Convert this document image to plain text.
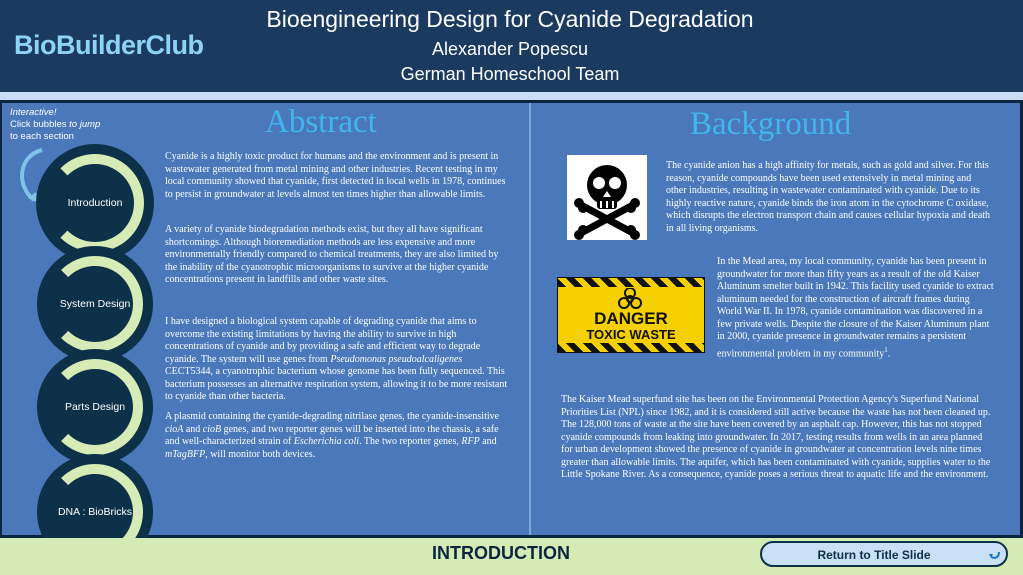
BioBuilderClub
Bioengineering Design for Cyanide Degradation
Alexander Popescu
German Homeschool Team
Interactive!
Click bubbles to jump
to each section
Introduction
System Design
Parts Design
DNA : BioBricks
Abstract

Cyanide is a highly toxic product for humans and the environment and is present in wastewater generated from metal mining and other industries. Recent testing in my local community showed that cyanide, first detected in local wells in 1978, continues to persist in groundwater at levels almost ten times higher than allowable limits.

A variety of cyanide biodegradation methods exist, but they all have significant shortcomings. Although bioremediation methods are less expensive and more environmentally friendly compared to chemical treatments, they are also limited by the inability of the cyanotrophic microorganisms to survive at the higher cyanide concentrations present in landfills and other waste sites.

I have designed a biological system capable of degrading cyanide that aims to overcome the existing limitations by having the ability to survive in high concentrations of cyanide and by providing a safe and efficient way to degrade cyanide. The system will use genes from Pseudomonas pseudoalcaligenes CECT5344, a cyanotrophic bacterium whose genome has been fully sequenced. This bacterium possesses an alternative respiration system, allowing it to be more resistant to cyanide than other bacteria.

A plasmid containing the cyanide-degrading nitrilase genes, the cyanide-insensitive cioA and cioB genes, and two reporter genes will be inserted into the chassis, a safe and well-characterized strain of Escherichia coli. The two reporter genes, RFP and mTagBFP, will monitor both devices.

Background

The cyanide anion has a high affinity for metals, such as gold and silver. For this reason, cyanide compounds have been used extensively in metal mining and other industries, resulting in wastewater contaminated with cyanide. Due to its highly reactive nature, cyanide binds the iron atom in the cytochrome C oxidase, which disrupts the electron transport chain and causes cellular hypoxia and death in all living organisms.

DANGER
TOXIC WASTE

In the Mead area, my local community, cyanide has been present in groundwater for more than fifty years as a result of the old Kaiser Aluminum smelter built in 1942. This facility used cyanide to extract aluminum needed for the construction of aircraft frames during World War II. In 1978, cyanide contamination was discovered in a few private wells. Despite the closure of the Kaiser Aluminum plant in 2000, cyanide presence in groundwater remains a persistent environmental problem in my community$^1$.

The Kaiser Mead superfund site has been on the Environmental Protection Agency's Superfund National Priorities List (NPL) since 1982, and it is considered still active because the waste has not been cleaned up. The 128,000 tons of waste at the site have been covered by an asphalt cap. However, this has not stopped cyanide compounds from leaking into groundwater. In 2017, testing results from wells in an area planned for urban development showed the presence of cyanide in groundwater at concentration levels nine times greater than allowable limits. The aquifer, which has been contaminated with cyanide, supplies water to the Little Spokane River. As a consequence, cyanide poses a serious threat to aquatic life and the environment.

INTRODUCTION	Return to Title Slide
